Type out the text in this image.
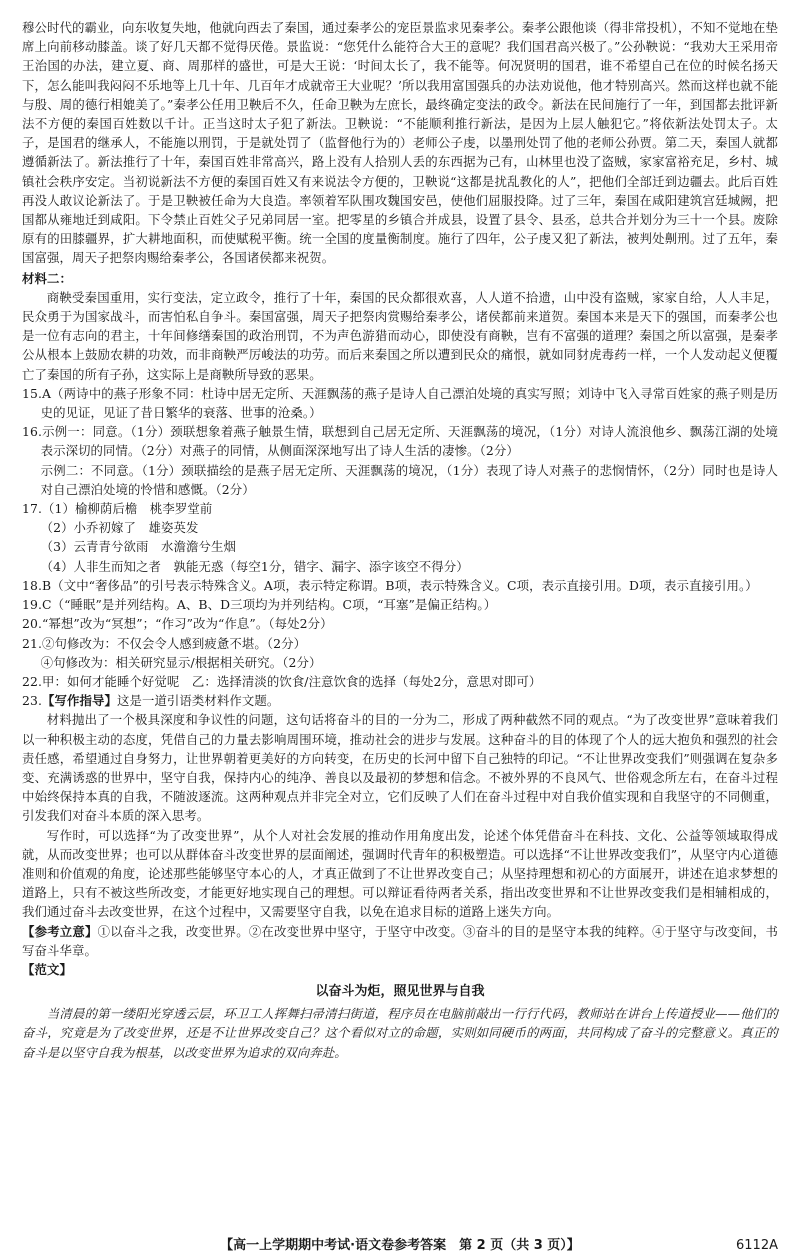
穆公时代的霸业，向东收复失地，他就向西去了秦国，通过秦孝公的宠臣景监求见秦孝公。秦孝公跟他谈（得非常投机），不知不觉地在垫席上向前移动膝盖。谈了好几天都不觉得厌倦。景监说：“您凭什么能符合大王的意呢？我们国君高兴极了。”公孙鞅说：“我劝大王采用帝王治国的办法，建立夏、商、周那样的盛世，可是大王说：‘时间太长了，我不能等。何况贤明的国君，谁不希望自己在位的时候名扬天下，怎么能叫我闷闷不乐地等上几十年、几百年才成就帝王大业呢？’所以我用富国强兵的办法劝说他，他才特别高兴。然而这样也就不能与殷、周的德行相媲美了。”秦孝公任用卫鞅后不久，任命卫鞅为左庶长，最终确定变法的政令。新法在民间施行了一年，到国都去批评新法不方便的秦国百姓数以千计。正当这时太子犯了新法。卫鞅说：“不能顺利推行新法，是因为上层人触犯它。”将依新法处罚太子。太子，是国君的继承人，不能施以刑罚，于是就处罚了（监督他行为的）老师公子虔，以墨刑处罚了他的老师公孙贾。第二天，秦国人就都遵循新法了。新法推行了十年，秦国百姓非常高兴，路上没有人拾别人丢的东西据为己有，山林里也没了盗贼，家家富裕充足，乡村、城镇社会秩序安定。当初说新法不方便的秦国百姓又有来说法令方便的，卫鞅说“这都是扰乱教化的人”，把他们全部迁到边疆去。此后百姓再没人敢议论新法了。于是卫鞅被任命为大良造。率领着军队围攻魏国安邑，使他们屈服投降。过了三年，秦国在咸阳建筑宫廷城阙，把国都从雍地迁到咸阳。下令禁止百姓父子兄弟同居一室。把零星的乡镇合并成县，设置了县令、县丞，总共合并划分为三十一个县。废除原有的田膝疆界，扩大耕地面积，而使赋税平衡。统一全国的度量衡制度。施行了四年，公子虔又犯了新法，被判处劓刑。过了五年，秦国富强，周天子把祭肉赐给秦孝公，各国诸侯都来祝贺。

材料二：

商鞅受秦国重用，实行变法，定立政令，推行了十年，秦国的民众都很欢喜，人人道不拾遗，山中没有盗贼，家家自给，人人丰足，民众勇于为国家战斗，而害怕私自争斗。秦国富强，周天子把祭肉赏赐给秦孝公，诸侯都前来道贺。秦国本来是天下的强国，而秦孝公也是一位有志向的君主，十年间修缮秦国的政治刑罚，不为声色游猎而动心，即使没有商鞅，岂有不富强的道理？秦国之所以富强，是秦孝公从根本上鼓励农耕的功效，而非商鞅严厉峻法的功劳。而后来秦国之所以遭到民众的痛恨，就如同豺虎毒药一样，一个人发动起义便覆亡了秦国的所有子孙，这实际上是商鞅所导致的恶果。

15.A（两诗中的燕子形象不同：杜诗中居无定所、天涯飘荡的燕子是诗人自己漂泊处境的真实写照；刘诗中飞入寻常百姓家的燕子则是历史的见证，见证了昔日繁华的衰落、世事的沧桑。）

16.示例一：同意。（1分）颈联想象着燕子触景生情，联想到自己居无定所、天涯飘荡的境况，（1分）对诗人流浪他乡、飘荡江湖的处境表示深切的同情。（2分）对燕子的同情，从侧面深深地写出了诗人生活的凄惨。（2分）

示例二：不同意。（1分）颈联描绘的是燕子居无定所、天涯飘荡的境况，（1分）表现了诗人对燕子的悲悯情怀，（2分）同时也是诗人对自己漂泊处境的怜惜和感慨。（2分）

17.（1）榆柳荫后檐　桃李罗堂前

（2）小乔初嫁了　雄姿英发

（3）云青青兮欲雨　水澹澹兮生烟

（4）人非生而知之者　孰能无惑（每空1分，错字、漏字、添字该空不得分）

18.B（文中“奢侈品”的引号表示特殊含义。A项，表示特定称谓。B项，表示特殊含义。C项，表示直接引用。D项，表示直接引用。）

19.C（“睡眠”是并列结构。A、B、D三项均为并列结构。C项，“耳塞”是偏正结构。）

20.“幂想”改为“冥想”；“作习”改为“作息”。（每处2分）

21.②句修改为：不仅会令人感到疲惫不堪。（2分）

④句修改为：相关研究显示/根据相关研究。（2分）

22.甲：如何才能睡个好觉呢　乙：选择清淡的饮食/注意饮食的选择（每处2分，意思对即可）

23.【写作指导】这是一道引语类材料作文题。

材料抛出了一个极具深度和争议性的问题，这句话将奋斗的目的一分为二，形成了两种截然不同的观点。“为了改变世界”意味着我们以一种积极主动的态度，凭借自己的力量去影响周围环境，推动社会的进步与发展。这种奋斗的目的体现了个人的远大抱负和强烈的社会责任感，希望通过自身努力，让世界朝着更美好的方向转变，在历史的长河中留下自己独特的印记。“不让世界改变我们”则强调在复杂多变、充满诱惑的世界中，坚守自我，保持内心的纯净、善良以及最初的梦想和信念。不被外界的不良风气、世俗观念所左右，在奋斗过程中始终保持本真的自我，不随波逐流。这两种观点并非完全对立，它们反映了人们在奋斗过程中对自我价值实现和自我坚守的不同侧重，引发我们对奋斗本质的深入思考。

写作时，可以选择“为了改变世界”，从个人对社会发展的推动作用角度出发，论述个体凭借奋斗在科技、文化、公益等领域取得成就，从而改变世界；也可以从群体奋斗改变世界的层面阐述，强调时代青年的积极塑造。可以选择“不让世界改变我们”，从坚守内心道德准则和价值观的角度，论述那些能够坚守本心的人，才真正做到了不让世界改变自己；从坚持理想和初心的方面展开，讲述在追求梦想的道路上，只有不被这些所改变，才能更好地实现自己的理想。可以辩证看待两者关系，指出改变世界和不让世界改变我们是相辅相成的，我们通过奋斗去改变世界，在这个过程中，又需要坚守自我，以免在追求目标的道路上迷失方向。

【参考立意】①以奋斗之我，改变世界。②在改变世界中坚守，于坚守中改变。③奋斗的目的是坚守本我的纯粹。④于坚守与改变间，书写奋斗华章。

【范文】

以奋斗为炬，照见世界与自我

当清晨的第一缕阳光穿透云层，环卫工人挥舞扫帚清扫街道，程序员在电脑前敲出一行行代码，教师站在讲台上传道授业——他们的奋斗，究竟是为了改变世界，还是不让世界改变自己？这个看似对立的命题，实则如同硬币的两面，共同构成了奋斗的完整意义。真正的奋斗是以坚守自我为根基，以改变世界为追求的双向奔赴。

【高一上学期期中考试·语文卷参考答案　第 2 页（共 3 页）】	6112A
